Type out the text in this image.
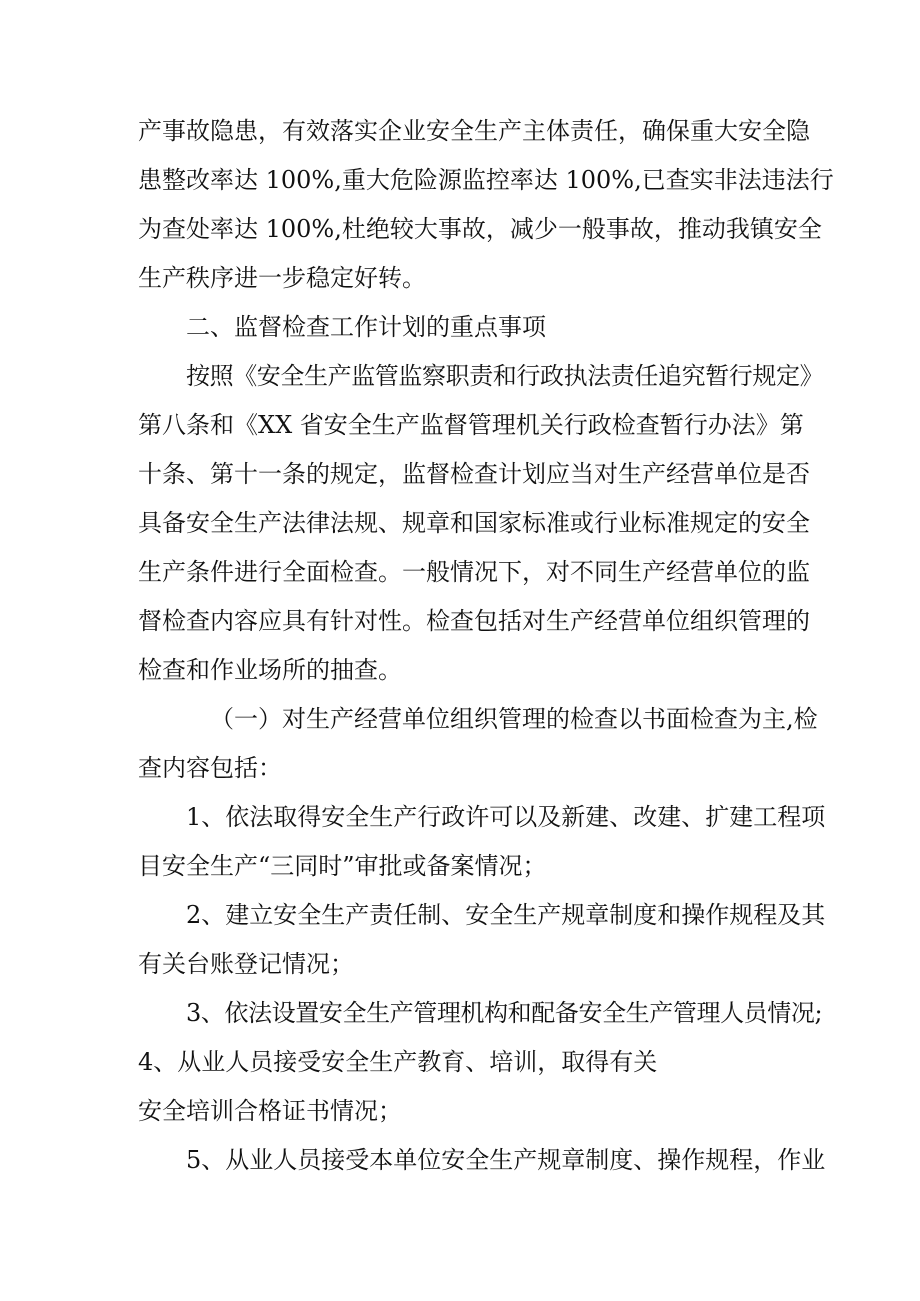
产事故隐患，有效落实企业安全生产主体责任，确保重大安全隐

患整改率达 100%,重大危险源监控率达 100%,已查实非法违法行

为查处率达 100%,杜绝较大事故，减少一般事故，推动我镇安全

生产秩序进一步稳定好转。

二、监督检查工作计划的重点事项

按照《安全生产监管监察职责和行政执法责任追究暂行规定》

第八条和《XX 省安全生产监督管理机关行政检查暂行办法》第

十条、第十一条的规定，监督检查计划应当对生产经营单位是否

具备安全生产法律法规、规章和国家标准或行业标准规定的安全

生产条件进行全面检查。一般情况下，对不同生产经营单位的监

督检查内容应具有针对性。检查包括对生产经营单位组织管理的

检查和作业场所的抽查。

（一）对生产经营单位组织管理的检查以书面检查为主,检

查内容包括：

1、依法取得安全生产行政许可以及新建、改建、扩建工程项

目安全生产“三同时”审批或备案情况；

2、建立安全生产责任制、安全生产规章制度和操作规程及其

有关台账登记情况；

3、依法设置安全生产管理机构和配备安全生产管理人员情况;

4、从业人员接受安全生产教育、培训，取得有关

安全培训合格证书情况；

5、从业人员接受本单位安全生产规章制度、操作规程，作业
